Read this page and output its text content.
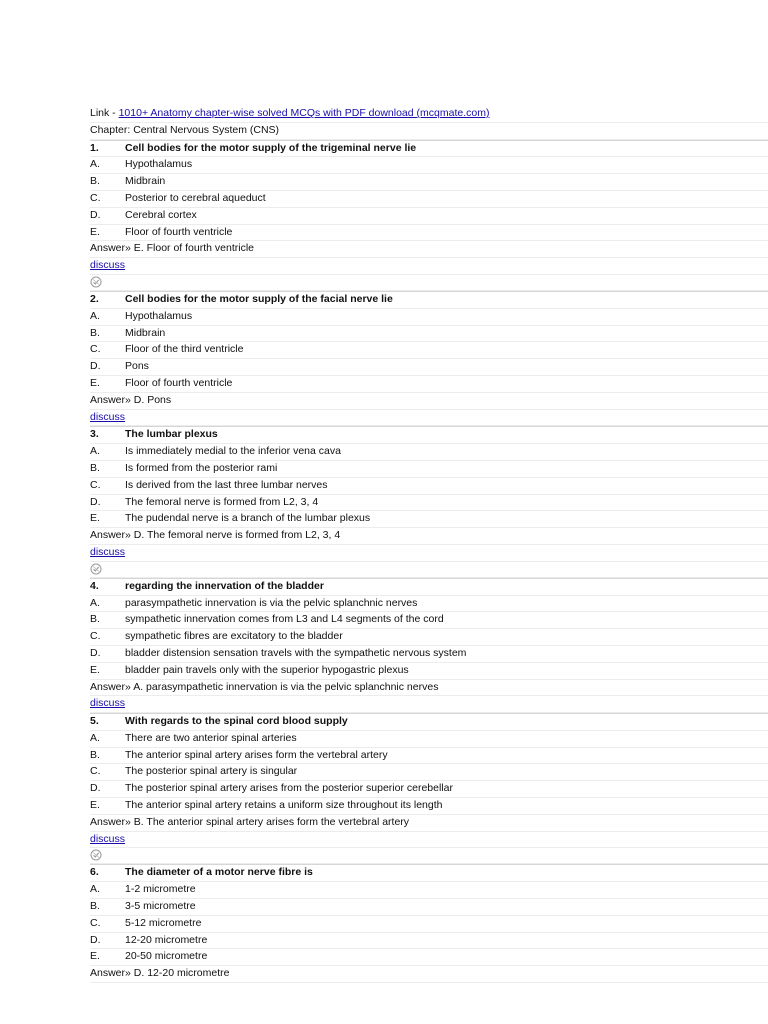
Link - 1010+ Anatomy chapter-wise solved MCQs with PDF download (mcqmate.com)
Chapter: Central Nervous System (CNS)
1. Cell bodies for the motor supply of the trigeminal nerve lie
A. Hypothalamus
B. Midbrain
C. Posterior to cerebral aqueduct
D. Cerebral cortex
E. Floor of fourth ventricle
Answer» E. Floor of fourth ventricle
discuss
2. Cell bodies for the motor supply of the facial nerve lie
A. Hypothalamus
B. Midbrain
C. Floor of the third ventricle
D. Pons
E. Floor of fourth ventricle
Answer» D. Pons
discuss
3. The lumbar plexus
A. Is immediately medial to the inferior vena cava
B. Is formed from the posterior rami
C. Is derived from the last three lumbar nerves
D. The femoral nerve is formed from L2, 3, 4
E. The pudendal nerve is a branch of the lumbar plexus
Answer» D. The femoral nerve is formed from L2, 3, 4
discuss
4. regarding the innervation of the bladder
A. parasympathetic innervation is via the pelvic splanchnic nerves
B. sympathetic innervation comes from L3 and L4 segments of the cord
C. sympathetic fibres are excitatory to the bladder
D. bladder distension sensation travels with the sympathetic nervous system
E. bladder pain travels only with the superior hypogastric plexus
Answer» A. parasympathetic innervation is via the pelvic splanchnic nerves
discuss
5. With regards to the spinal cord blood supply
A. There are two anterior spinal arteries
B. The anterior spinal artery arises form the vertebral artery
C. The posterior spinal artery is singular
D. The posterior spinal artery arises from the posterior superior cerebellar
E. The anterior spinal artery retains a uniform size throughout its length
Answer» B. The anterior spinal artery arises form the vertebral artery
discuss
6. The diameter of a motor nerve fibre is
A. 1-2 micrometre
B. 3-5 micrometre
C. 5-12 micrometre
D. 12-20 micrometre
E. 20-50 micrometre
Answer» D. 12-20 micrometre
